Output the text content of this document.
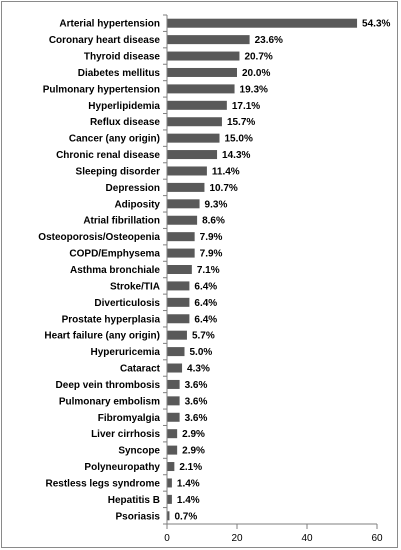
Arterial hypertension	54.3%
Coronary heart disease	23.6%
Thyroid disease	20.7%
Diabetes mellitus	20.0%
Pulmonary hypertension	19.3%
Hyperlipidemia	17.1%
Reflux disease	15.7%
Cancer (any origin)	15.0%
Chronic renal disease	14.3%
Sleeping disorder	11.4%
Depression	10.7%
Adiposity	9.3%
Atrial fibrillation	8.6%
Osteoporosis/Osteopenia	7.9%
COPD/Emphysema	7.9%
Asthma bronchiale	7.1%
Stroke/TIA	6.4%
Diverticulosis	6.4%
Prostate hyperplasia	6.4%
Heart failure (any origin)	5.7%
Hyperuricemia	5.0%
Cataract	4.3%
Deep vein thrombosis 3.6%
Pulmonary embolism 3.6%
Fibromyalgia 3.6%
Liver cirrhosis 2.9%
Syncope 2.9%
Polyneuropathy 2.1%
Restless legs syndrome 1.4%
Hepatitis B 1.4%
Psoriasis 0.7%
0	20	40	60
